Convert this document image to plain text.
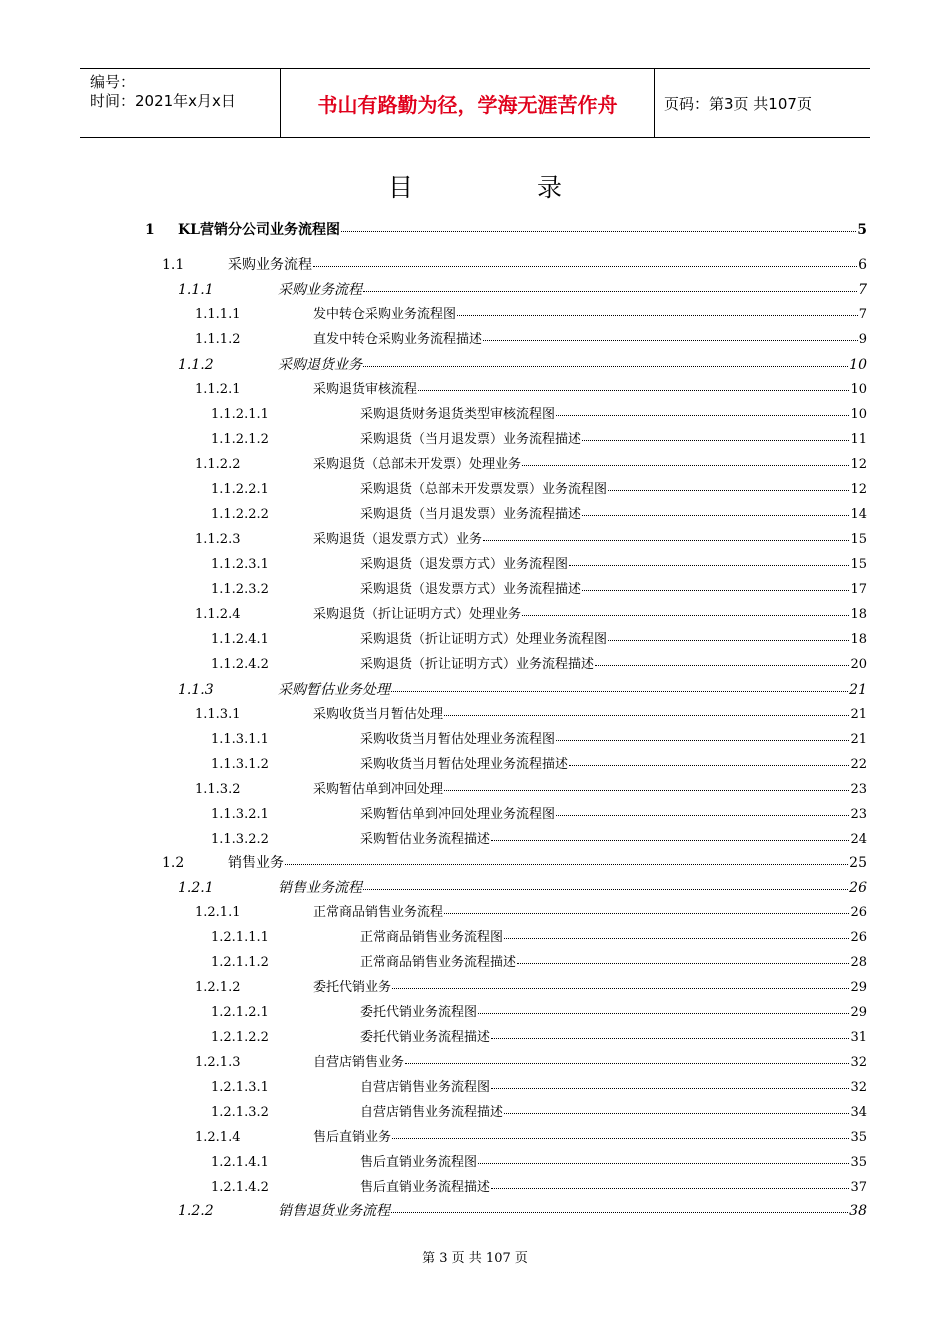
编号：
时间：2021年x月x日	书山有路勤为径，学海无涯苦作舟	页码：第3页 共107页
目 录
1 KL营销分公司业务流程图	5
1.1	采购业务流程	6
1.1.1	采购业务流程	7
1.1.1.1	发中转仓采购业务流程图	7
1.1.1.2	直发中转仓采购业务流程描述	9
1.1.2	采购退货业务	10
1.1.2.1	采购退货审核流程	10
1.1.2.1.1	采购退货财务退货类型审核流程图	10
1.1.2.1.2	采购退货（当月退发票）业务流程描述	11
1.1.2.2	采购退货（总部未开发票）处理业务	12
1.1.2.2.1	采购退货（总部未开发票发票）业务流程图	12
1.1.2.2.2	采购退货（当月退发票）业务流程描述	14
1.1.2.3	采购退货（退发票方式）业务	15
1.1.2.3.1	采购退货（退发票方式）业务流程图	15
1.1.2.3.2	采购退货（退发票方式）业务流程描述	17
1.1.2.4	采购退货（折让证明方式）处理业务	18
1.1.2.4.1	采购退货（折让证明方式）处理业务流程图	18
1.1.2.4.2	采购退货（折让证明方式）业务流程描述	20
1.1.3	采购暂估业务处理	21
1.1.3.1	采购收货当月暂估处理	21
1.1.3.1.1	采购收货当月暂估处理业务流程图	21
1.1.3.1.2	采购收货当月暂估处理业务流程描述	22
1.1.3.2	采购暂估单到冲回处理	23
1.1.3.2.1	采购暂估单到冲回处理业务流程图	23
1.1.3.2.2	采购暂估业务流程描述	24
1.2	销售业务	25
1.2.1	销售业务流程	26
1.2.1.1	正常商品销售业务流程	26
1.2.1.1.1	正常商品销售业务流程图	26
1.2.1.1.2	正常商品销售业务流程描述	28
1.2.1.2	委托代销业务	29
1.2.1.2.1	委托代销业务流程图	29
1.2.1.2.2	委托代销业务流程描述	31
1.2.1.3	自营店销售业务	32
1.2.1.3.1	自营店销售业务流程图	32
1.2.1.3.2	自营店销售业务流程描述	34
1.2.1.4	售后直销业务	35
1.2.1.4.1	售后直销业务流程图	35
1.2.1.4.2	售后直销业务流程描述	37
1.2.2	销售退货业务流程	38
第 3 页 共 107 页
